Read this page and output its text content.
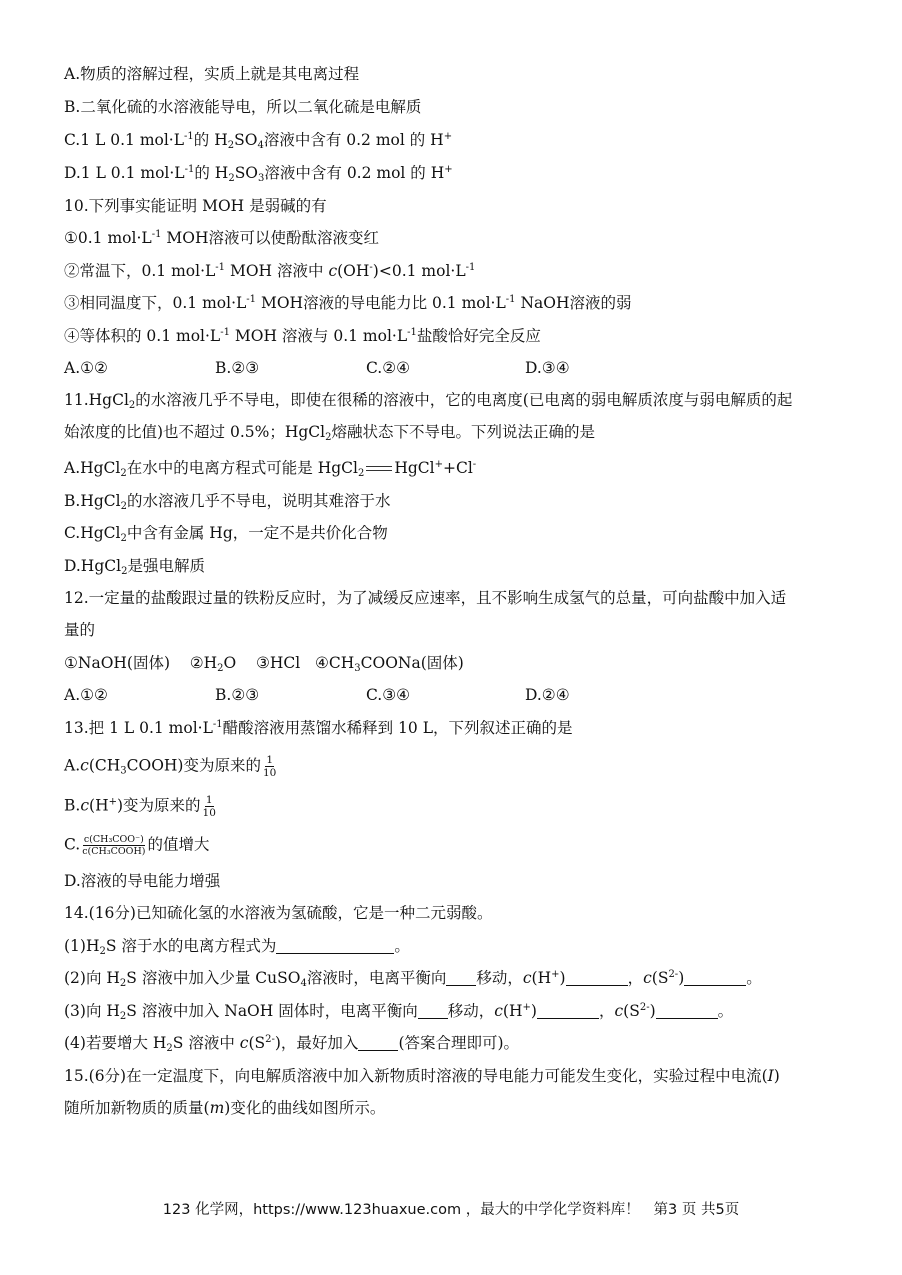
A.物质的溶解过程，实质上就是其电离过程
B.二氧化硫的水溶液能导电，所以二氧化硫是电解质
C.1 L 0.1 $mol\cdot L^{-1}$的 $H_2SO_4$溶液中含有 0.2 mol 的 H+
D.1 L 0.1 $mol\cdot L^{-1}$的 $H_2SO_3$溶液中含有 0.2 mol 的 H+
10.下列事实能证明 MOH 是弱碱的有
①0.1 $mol\cdot L^{-1}$ MOH溶液可以使酚酞溶液变红
②常温下，0.1 $mol\cdot L^{-1}$ MOH 溶液中 c(OH-)<0.1 $mol\cdot L^{-1}$
③相同温度下，0.1 $mol\cdot L^{-1}$ MOH溶液的导电能力比 0.1 $mol\cdot L^{-1}$ NaOH溶液的弱
④等体积的 0.1 $mol\cdot L^{-1}$ MOH 溶液与 0.1 $mol\cdot L^{-1}$盐酸恰好完全反应
A.①②	B.②③	C.②④	D.③④
11.HgCl$_2$的水溶液几乎不导电，即使在很稀的溶液中，它的电离度(已电离的弱电解质浓度与弱电解质的起
始浓度的比值)也不超过 0.5%；HgCl$_2$熔融状态下不导电。下列说法正确的是
A.HgCl$_2$在水中的电离方程式可能是 HgCl$_2$ HgCl++Cl-
B.HgCl$_2$的水溶液几乎不导电，说明其难溶于水
C.HgCl$_2$中含有金属 Hg，一定不是共价化合物
D.HgCl$_2$是强电解质
12.一定量的盐酸跟过量的铁粉反应时，为了减缓反应速率，且不影响生成氢气的总量，可向盐酸中加入适
量的
①NaOH(固体) $②H_2O$ ③HCl $④CH_3COONa$(固体)
A.①②	B.②③	C.③④	D.②④
13.把 1 L 0.1 $mol\cdot L^{-1}$醋酸溶液用蒸馏水稀释到 10 L，下列叙述正确的是
$A.c(CH_3COOH)$变为原来的 $\frac{1}{10}$
B.c(H+)变为原来的 $\frac{1}{10}$
C. $\frac{\text{c(CH₃COO⁻)}}{\text{c(CH₃COOH)}}$ 的值增大
D.溶液的导电能力增强
14.(16分)已知硫化氢的水溶液为氢硫酸，它是一种二元弱酸。
$(1)H_2S$ 溶于水的电离方程式为	。
(2)向 $H_2S$ 溶液中加入少量 CuSO$_4$溶液时，电离平衡向 移动，c(H+)	，$c(S^{2-})$	。
(3)向 $H_2S$ 溶液中加入 NaOH 固体时，电离平衡向 移动，c(H+)	，$c(S^{2-})$	。
(4)若要增大 $H_2S$ 溶液中 $c(S^{2-})$，最好加入	(答案合理即可)。
15.(6分)在一定温度下，向电解质溶液中加入新物质时溶液的导电能力可能发生变化，实验过程中电流(I)
随所加新物质的质量(m)变化的曲线如图所示。
123 化学网，https://www.123huaxue.com ，最大的中学化学资料库！   第3 页 共5页
